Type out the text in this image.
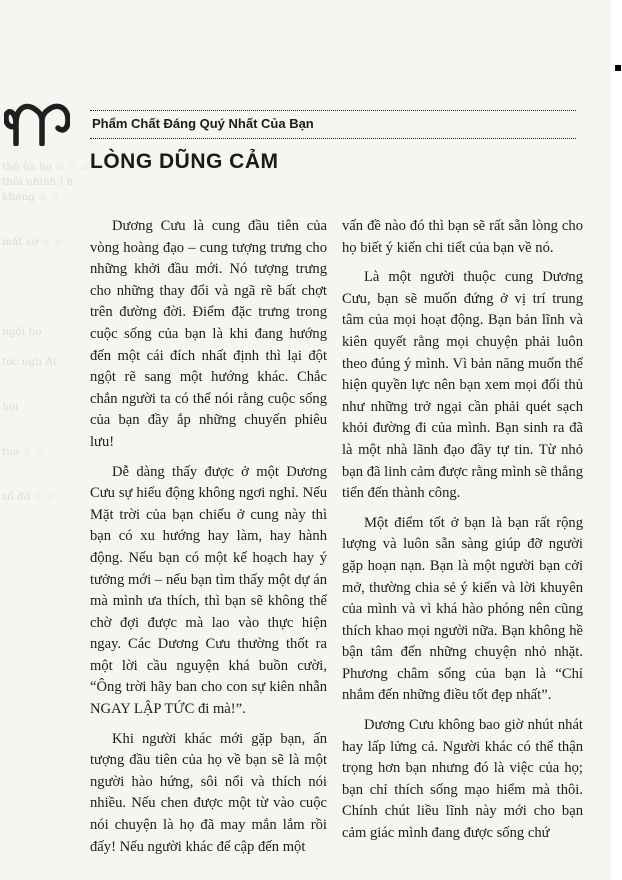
thô ủa họ ☆ ☆ ☆
thỏi nhình l h
khóng ☆ ☆

mất sự ☆ ☆

ngỏi họ

tóc ngh Ai

hoi

tuo ☆ ☆

sổ đồ ☆ ☆
Phẩm Chất Đáng Quý Nhất Của Bạn
LÒNG DŨNG CẢM

Dương Cưu là cung đầu tiên của vòng hoàng đạo – cung tượng trưng cho những khởi đầu mới. Nó tượng trưng cho những thay đổi và ngã rẽ bất chợt trên đường đời. Điểm đặc trưng trong cuộc sống của bạn là khi đang hướng đến một cái đích nhất định thì lại đột ngột rẽ sang một hướng khác. Chắc chắn người ta có thể nói rằng cuộc sống của bạn đầy ắp những chuyến phiêu lưu!

Dễ dàng thấy được ở một Dương Cưu sự hiếu động không ngơi nghỉ. Nếu Mặt trời của bạn chiếu ở cung này thì bạn có xu hướng hay làm, hay hành động. Nếu bạn có một kế hoạch hay ý tưởng mới – nếu bạn tìm thấy một dự án mà mình ưa thích, thì bạn sẽ không thể chờ đợi được mà lao vào thực hiện ngay. Các Dương Cưu thường thốt ra một lời cầu nguyện khá buồn cười, “Ông trời hãy ban cho con sự kiên nhẫn NGAY LẬP TỨC đi mà!”.

Khi người khác mới gặp bạn, ấn tượng đầu tiên của họ về bạn sẽ là một người hào hứng, sôi nổi và thích nói nhiều. Nếu chen được một từ vào cuộc nói chuyện là họ đã may mắn lắm rồi đấy! Nếu người khác để cập đến một

vấn đề nào đó thì bạn sẽ rất sẵn lòng cho họ biết ý kiến chi tiết của bạn về nó.

Là một người thuộc cung Dương Cưu, bạn sẽ muốn đứng ở vị trí trung tâm của mọi hoạt động. Bạn bản lĩnh và kiên quyết rằng mọi chuyện phải luôn theo đúng ý mình. Vì bản năng muốn thể hiện quyền lực nên bạn xem mọi đối thủ như những trở ngại cần phải quét sạch khỏi đường đi của mình. Bạn sinh ra đã là một nhà lãnh đạo đầy tự tin. Từ nhỏ bạn đã linh cảm được rằng mình sẽ thẳng tiến đến thành công.

Một điểm tốt ở bạn là bạn rất rộng lượng và luôn sẵn sàng giúp đỡ người gặp hoạn nạn. Bạn là một người bạn cởi mở, thường chia sẻ ý kiến và lời khuyên của mình và vì khá hào phóng nên cũng thích khao mọi người nữa. Bạn không hề bận tâm đến những chuyện nhỏ nhặt. Phương châm sống của bạn là “Chỉ nhắm đến những điều tốt đẹp nhất”.

Dương Cưu không bao giờ nhút nhát hay lấp lửng cả. Người khác có thể thận trọng hơn bạn nhưng đó là việc của họ; bạn chỉ thích sống mạo hiểm mà thôi. Chính chút liều lĩnh này mới cho bạn cảm giác mình đang được sống chứ

▪
